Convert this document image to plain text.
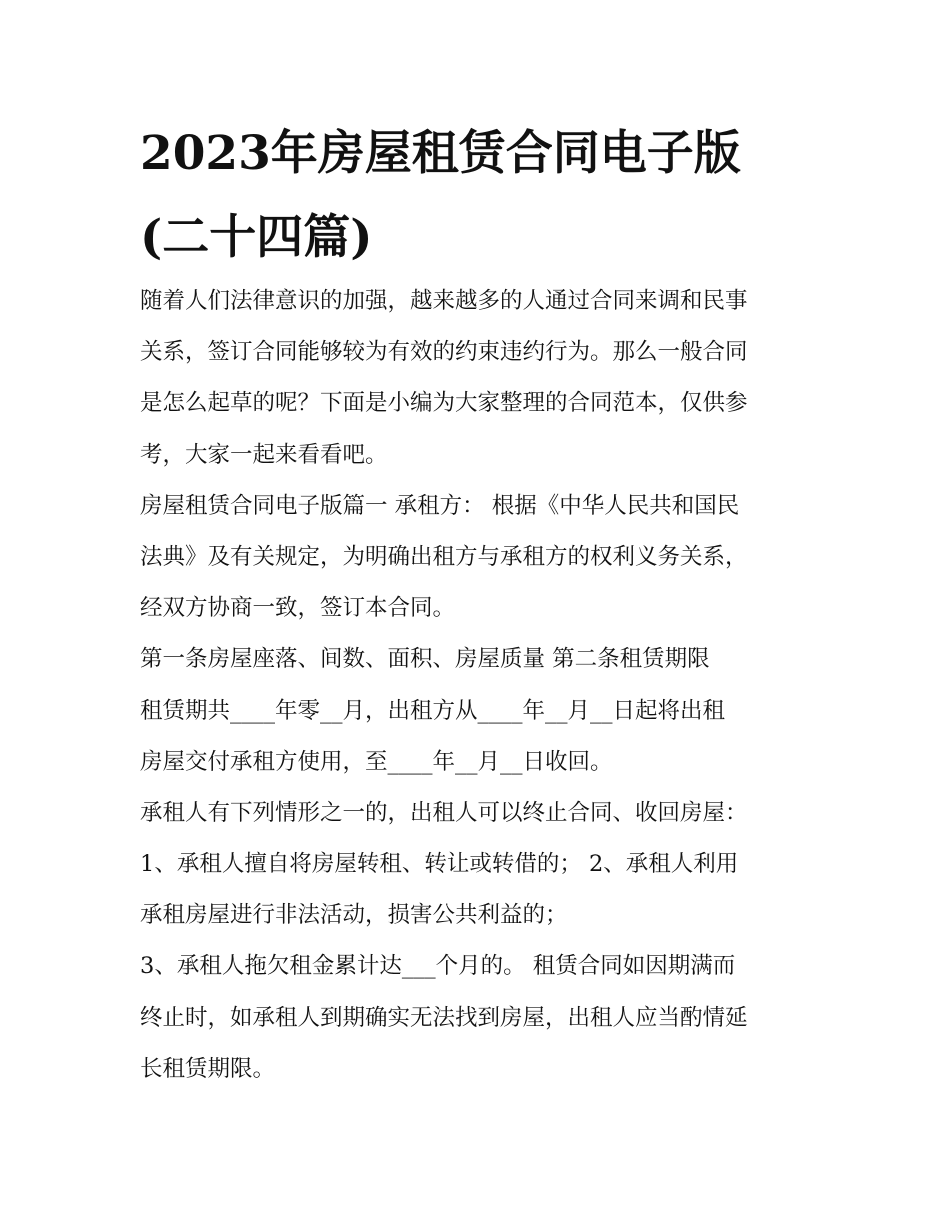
2023年房屋租赁合同电子版
(二十四篇)
随着人们法律意识的加强，越来越多的人通过合同来调和民事
关系，签订合同能够较为有效的约束违约行为。那么一般合同
是怎么起草的呢？下面是小编为大家整理的合同范本，仅供参
考，大家一起来看看吧。
房屋租赁合同电子版篇一 承租方： 根据《中华人民共和国民
法典》及有关规定，为明确出租方与承租方的权利义务关系，
经双方协商一致，签订本合同。
第一条房屋座落、间数、面积、房屋质量 第二条租赁期限
租赁期共____年零__月，出租方从____年__月__日起将出租
房屋交付承租方使用，至____年__月__日收回。
承租人有下列情形之一的，出租人可以终止合同、收回房屋：
1、承租人擅自将房屋转租、转让或转借的； 2、承租人利用
承租房屋进行非法活动，损害公共利益的；
3、承租人拖欠租金累计达___个月的。 租赁合同如因期满而
终止时，如承租人到期确实无法找到房屋，出租人应当酌情延
长租赁期限。
